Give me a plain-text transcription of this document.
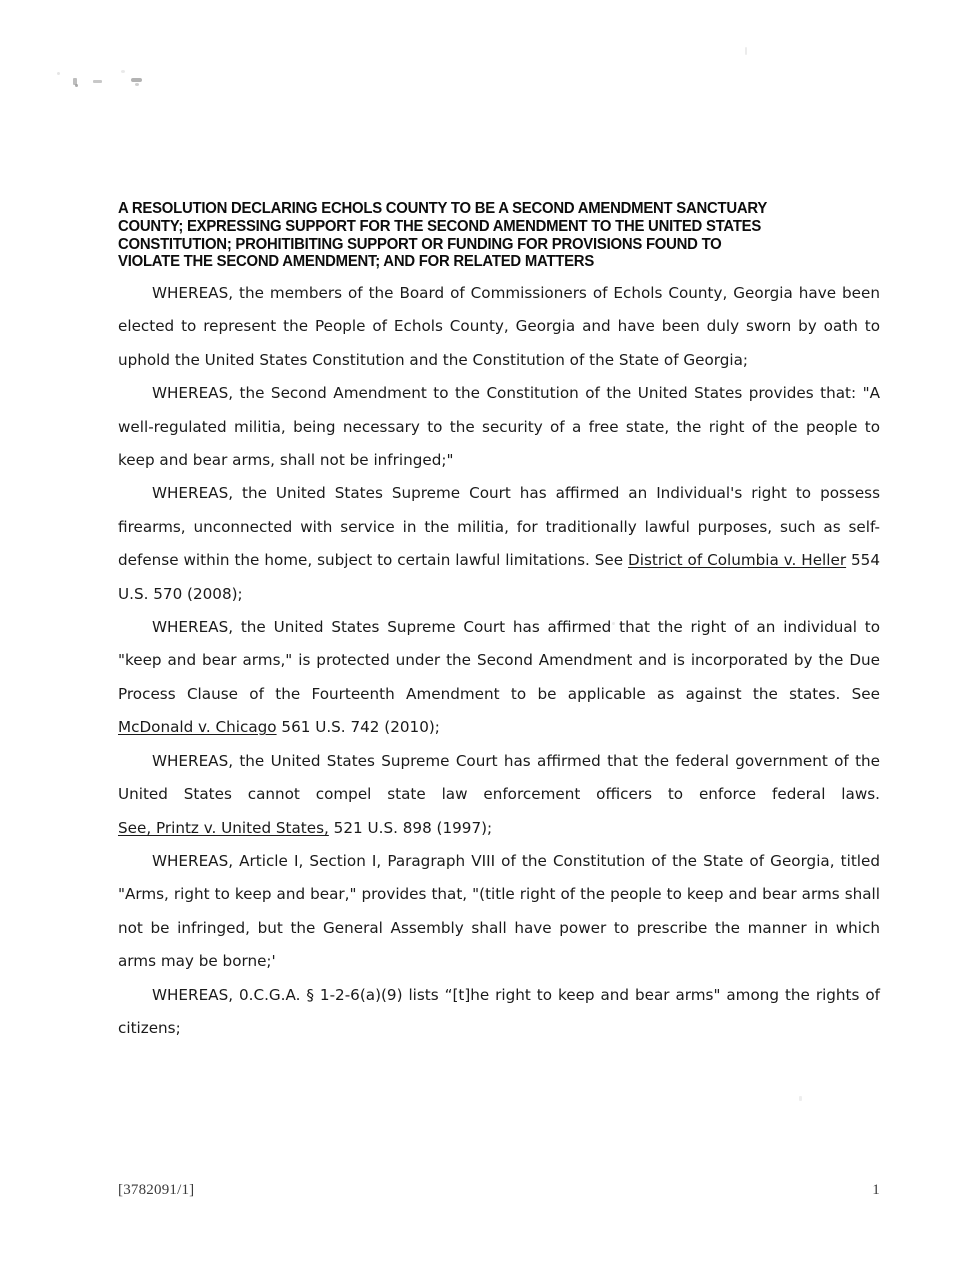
A RESOLUTION DECLARING ECHOLS COUNTY TO BE A SECOND AMENDMENT SANCTUARY
COUNTY; EXPRESSING SUPPORT FOR THE SECOND AMENDMENT TO THE UNITED STATES
CONSTITUTION; PROHITIBITING SUPPORT OR FUNDING FOR PROVISIONS FOUND TO
VIOLATE THE SECOND AMENDMENT; AND FOR RELATED MATTERS

WHEREAS, the members of the Board of Commissioners of Echols County, Georgia have been elected to represent the People of Echols County, Georgia and have been duly sworn by oath to uphold the United States Constitution and the Constitution of the State of Georgia;

WHEREAS, the Second Amendment to the Constitution of the United States provides that: "A well-regulated militia, being necessary to the security of a free state, the right of the people to keep and bear arms, shall not be infringed;"

WHEREAS, the United States Supreme Court has affirmed an Individual's right to possess firearms, unconnected with service in the militia, for traditionally lawful purposes, such as self-defense within the home, subject to certain lawful limitations. See District of Columbia v. Heller 554 U.S. 570 (2008);

WHEREAS, the United States Supreme Court has affirmed that the right of an individual to "keep and bear arms," is protected under the Second Amendment and is incorporated by the Due Process Clause of the Fourteenth Amendment to be applicable as against the states. See McDonald v. Chicago 561 U.S. 742 (2010);

WHEREAS, the United States Supreme Court has affirmed that the federal government of the United States cannot compel state law enforcement officers to enforce federal laws. See, Printz v. United States, 521 U.S. 898 (1997);

WHEREAS, Article I, Section I, Paragraph VIII of the Constitution of the State of Georgia, titled "Arms, right to keep and bear," provides that, "(title right of the people to keep and bear arms shall not be infringed, but the General Assembly shall have power to prescribe the manner in which arms may be borne;'

WHEREAS, 0.C.G.A. § 1-2-6(a)(9) lists “[t]he right to keep and bear arms" among the rights of citizens;

[3782091/1]	1
